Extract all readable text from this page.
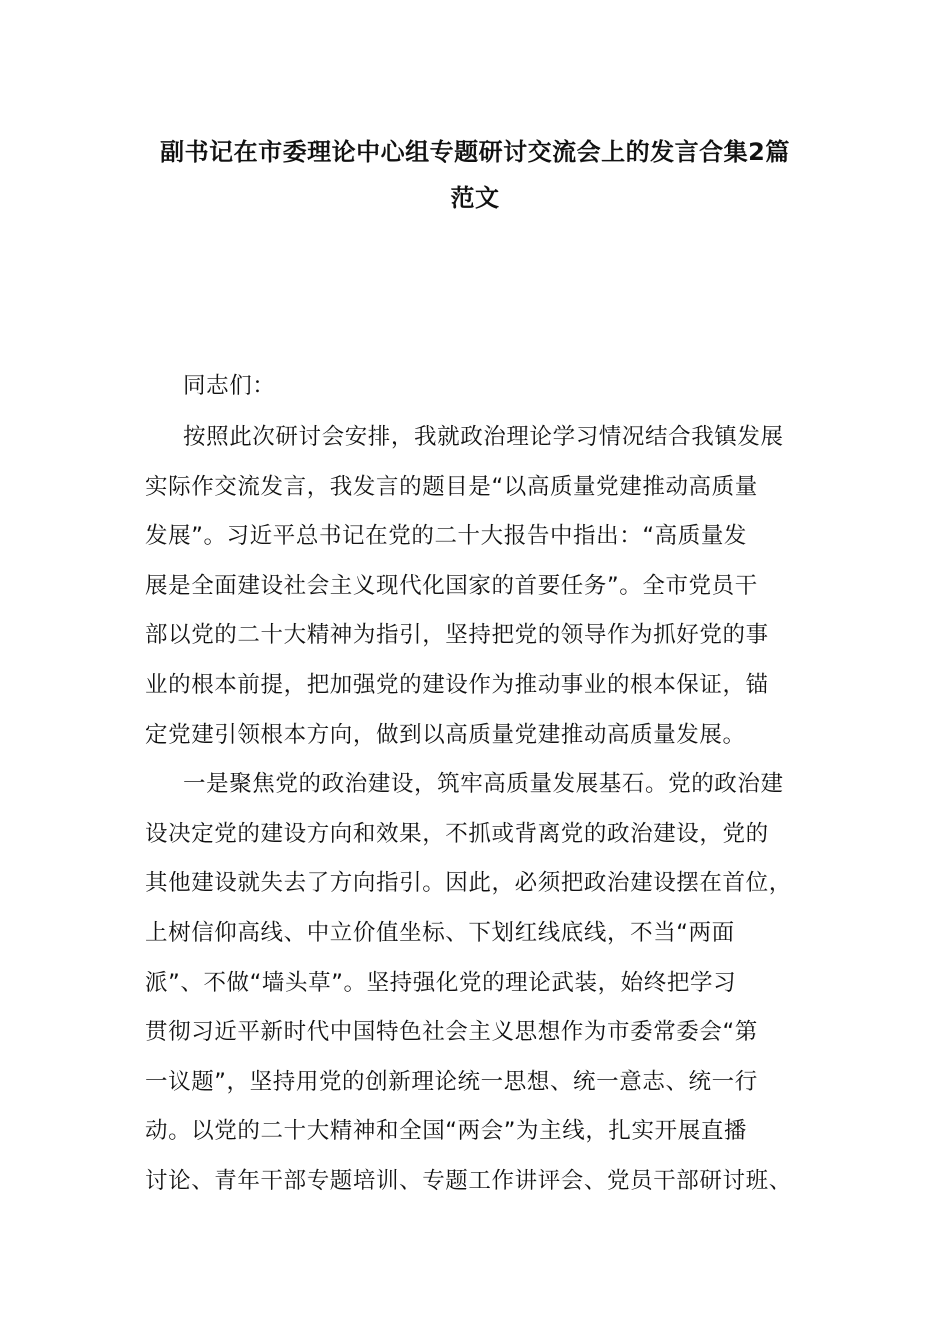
副书记在市委理论中心组专题研讨交流会上的发言合集2篇
范文
同志们：
按照此次研讨会安排，我就政治理论学习情况结合我镇发展
实际作交流发言，我发言的题目是“以高质量党建推动高质量
发展”。习近平总书记在党的二十大报告中指出：“高质量发
展是全面建设社会主义现代化国家的首要任务”。全市党员干
部以党的二十大精神为指引，坚持把党的领导作为抓好党的事
业的根本前提，把加强党的建设作为推动事业的根本保证，锚
定党建引领根本方向，做到以高质量党建推动高质量发展。
一是聚焦党的政治建设，筑牢高质量发展基石。党的政治建
设决定党的建设方向和效果，不抓或背离党的政治建设，党的
其他建设就失去了方向指引。因此，必须把政治建设摆在首位，
上树信仰高线、中立价值坐标、下划红线底线，不当“两面
派”、不做“墙头草”。坚持强化党的理论武装，始终把学习
贯彻习近平新时代中国特色社会主义思想作为市委常委会“第
一议题”，坚持用党的创新理论统一思想、统一意志、统一行
动。以党的二十大精神和全国“两会”为主线，扎实开展直播
讨论、青年干部专题培训、专题工作讲评会、党员干部研讨班、
